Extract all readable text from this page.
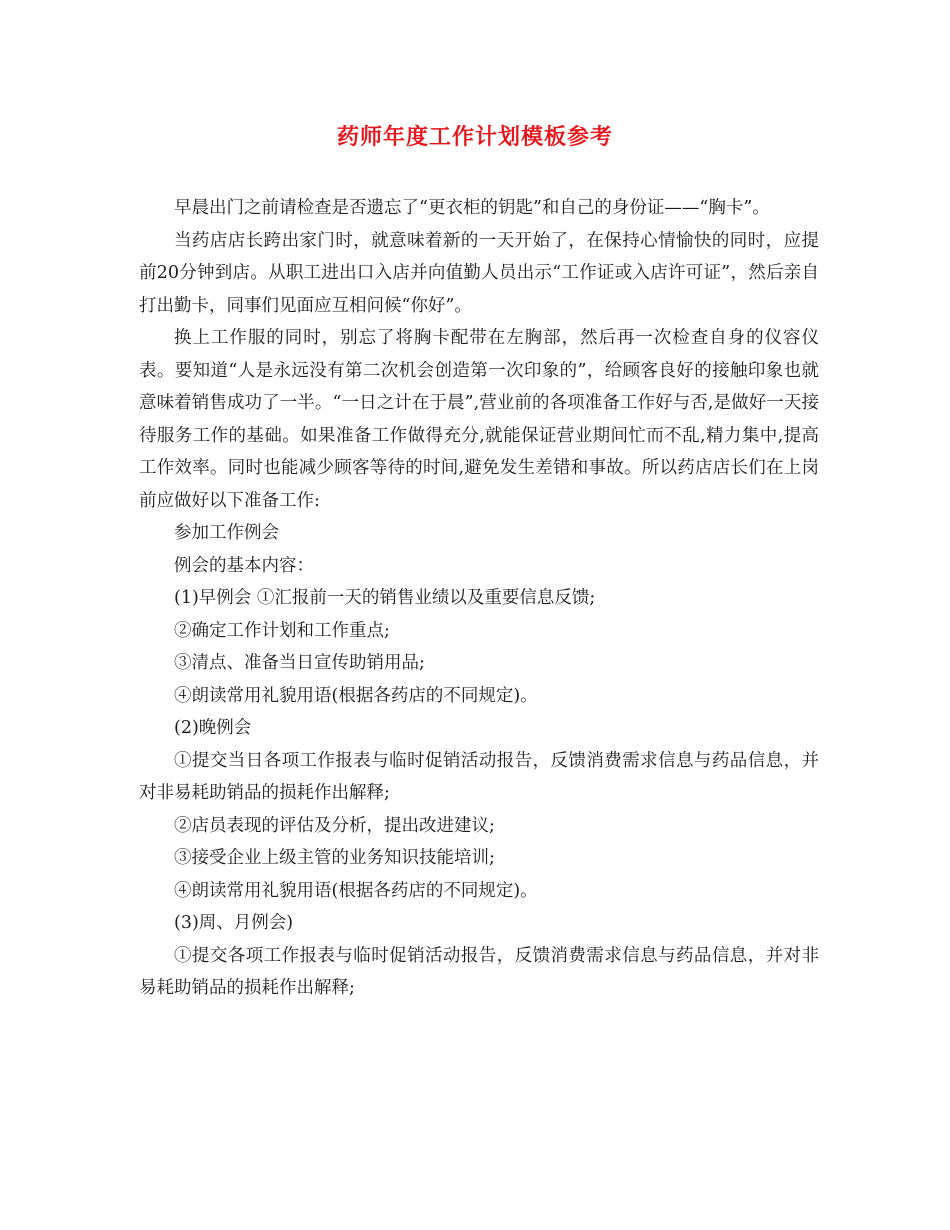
药师年度工作计划模板参考

早晨出门之前请检查是否遗忘了“更衣柜的钥匙”和自己的身份证——“胸卡”。

当药店店长跨出家门时，就意味着新的一天开始了，在保持心情愉快的同时，应提前20分钟到店。从职工进出口入店并向值勤人员出示“工作证或入店许可证”，然后亲自打出勤卡，同事们见面应互相问候“你好”。

换上工作服的同时，别忘了将胸卡配带在左胸部，然后再一次检查自身的仪容仪表。要知道“人是永远没有第二次机会创造第一次印象的”，给顾客良好的接触印象也就意味着销售成功了一半。“一日之计在于晨”,营业前的各项准备工作好与否,是做好一天接待服务工作的基础。如果准备工作做得充分,就能保证营业期间忙而不乱,精力集中,提高工作效率。同时也能减少顾客等待的时间,避免发生差错和事故。所以药店店长们在上岗前应做好以下准备工作:

参加工作例会

例会的基本内容：

(1)早例会 ①汇报前一天的销售业绩以及重要信息反馈;

②确定工作计划和工作重点;

③清点、准备当日宣传助销用品;

④朗读常用礼貌用语(根据各药店的不同规定)。

(2)晚例会

①提交当日各项工作报表与临时促销活动报告，反馈消费需求信息与药品信息，并对非易耗助销品的损耗作出解释;

②店员表现的评估及分析，提出改进建议;

③接受企业上级主管的业务知识技能培训;

④朗读常用礼貌用语(根据各药店的不同规定)。

(3)周、月例会)

①提交各项工作报表与临时促销活动报告，反馈消费需求信息与药品信息，并对非易耗助销品的损耗作出解释;
